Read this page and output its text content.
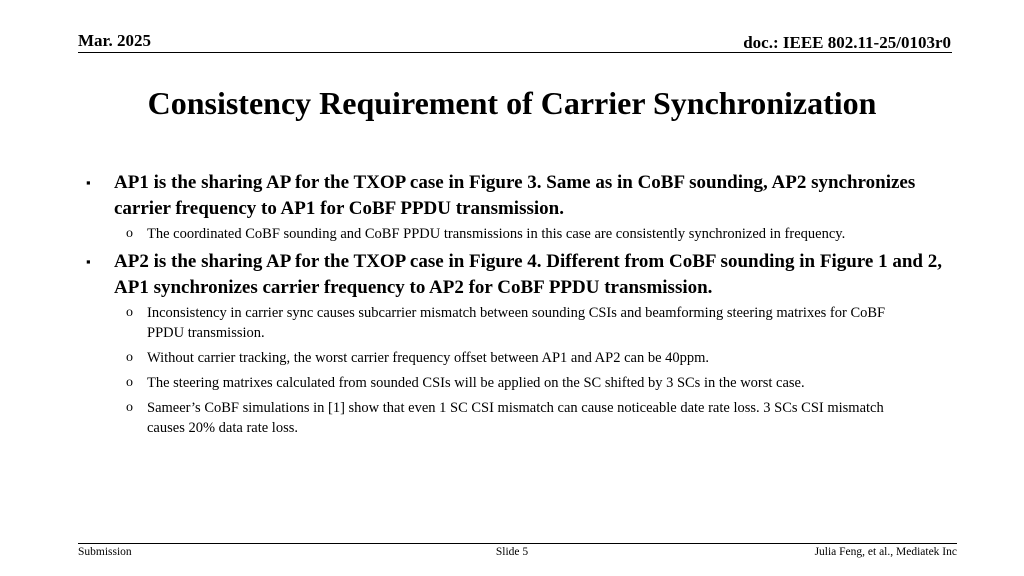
Mar. 2025	doc.: IEEE 802.11-25/0103r0
Consistency Requirement of Carrier Synchronization
▪ AP1 is the sharing AP for the TXOP case in Figure 3. Same as in CoBF sounding, AP2 synchronizes carrier frequency to AP1 for CoBF PPDU transmission.
o The coordinated CoBF sounding and CoBF PPDU transmissions in this case are consistently synchronized in frequency.
▪ AP2 is the sharing AP for the TXOP case in Figure 4. Different from CoBF sounding in Figure 1 and 2, AP1 synchronizes carrier frequency to AP2 for CoBF PPDU transmission.
o Inconsistency in carrier sync causes subcarrier mismatch between sounding CSIs and beamforming steering matrixes for CoBF PPDU transmission.
o Without carrier tracking, the worst carrier frequency offset between AP1 and AP2 can be 40ppm.
o The steering matrixes calculated from sounded CSIs will be applied on the SC shifted by 3 SCs in the worst case.
o Sameer’s CoBF simulations in [1] show that even 1 SC CSI mismatch can cause noticeable date rate loss. 3 SCs CSI mismatch causes 20% data rate loss.
Submission	Slide 5	Julia Feng, et al., Mediatek Inc
